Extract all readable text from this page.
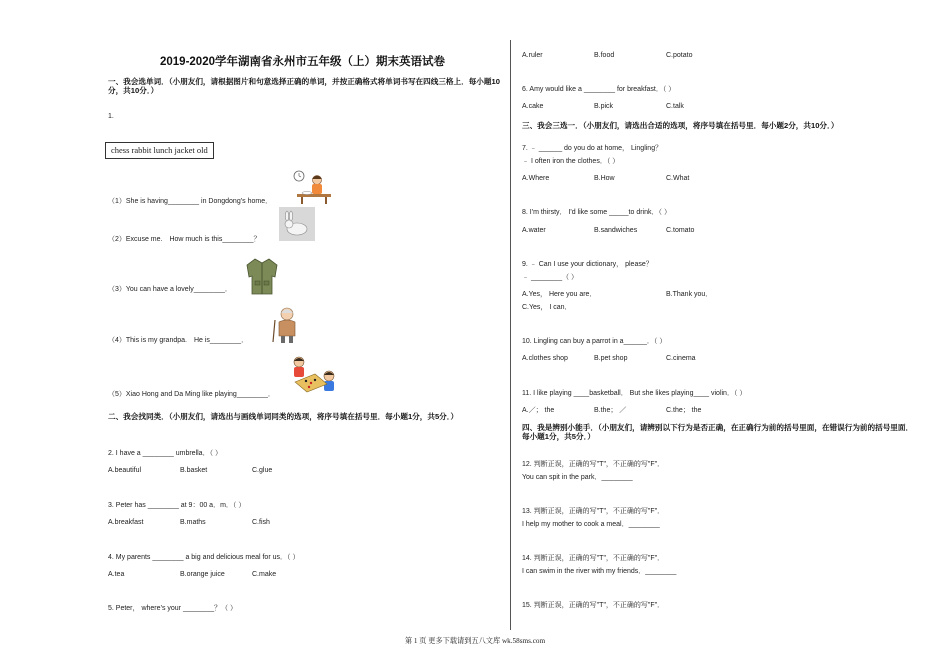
2019-2020学年湖南省永州市五年级（上）期末英语试卷
一、我会选单词．（小朋友们，请根据图片和句意选择正确的单词，并按正确格式将单词书写在四线三格上．每小题10分，共10分．）
1.
chess rabbit lunch jacket old
（1）She is having________ in Dongdong’s home．
（2）Excuse me.　How much is this________？
（3）You can have a lovely________．
（4）This is my grandpa.　He is________．
（5）Xiao Hong and Da Ming like playing________．
二、我会找同类．（小朋友们，请选出与画线单词同类的选项，将序号填在括号里．每小题1分，共5分．）
2. I have a ________ umbrella．（ ）
A.beautiful	B.basket	C.glue
3. Peter has ________ at 9：00 a．m．（ ）
A.breakfast	B.maths	C.fish
4. My parents ________ a big and delicious meal for us．（ ）
A.tea	B.orange juice	C.make
5. Peter， where’s your ________？（ ）
A.ruler	B.food	C.potato
6. Amy would like a ________ for breakfast．（ ）
A.cake	B.pick	C.talk
三、我会三选一．（小朋友们，请选出合适的选项，将序号填在括号里．每小题2分，共10分．）
7. ﹣ ______ do you do at home， Lingling？
﹣ I often iron the clothes．（ ）
A.Where	B.How	C.What
8. I'm thirsty． I'd like some _____to drink．（ ）
A.water	B.sandwiches	C.tomato
9. ﹣ Can I use your dictionary， please？
﹣ ________（ ）
A.Yes， Here you are．	B.Thank you．
C.Yes， I can．
10. Lingling can buy a parrot in a______．（ ）
A.clothes shop	B.pet shop	C.cinema
11. I like playing ____basketball． But she likes playing____ violin．（ ）
A.／； the	B.the； ／	C.the； the
四、我是辨别小能手．（小朋友们，请辨别以下行为是否正确，在正确行为前的括号里面，在错误行为前的括号里面．每小题1分，共5分．）
12. 判断正误，正确的写"T"，不正确的写"F"．
You can spit in the park．________
13. 判断正误，正确的写"T"，不正确的写"F"．
I help my mother to cook a meal．________
14. 判断正误，正确的写"T"，不正确的写"F"．
I can swim in the river with my friends．________
15. 判断正误，正确的写"T"，不正确的写"F"．
第 1 页 更多下载请到五八文库 wk.58sms.com
